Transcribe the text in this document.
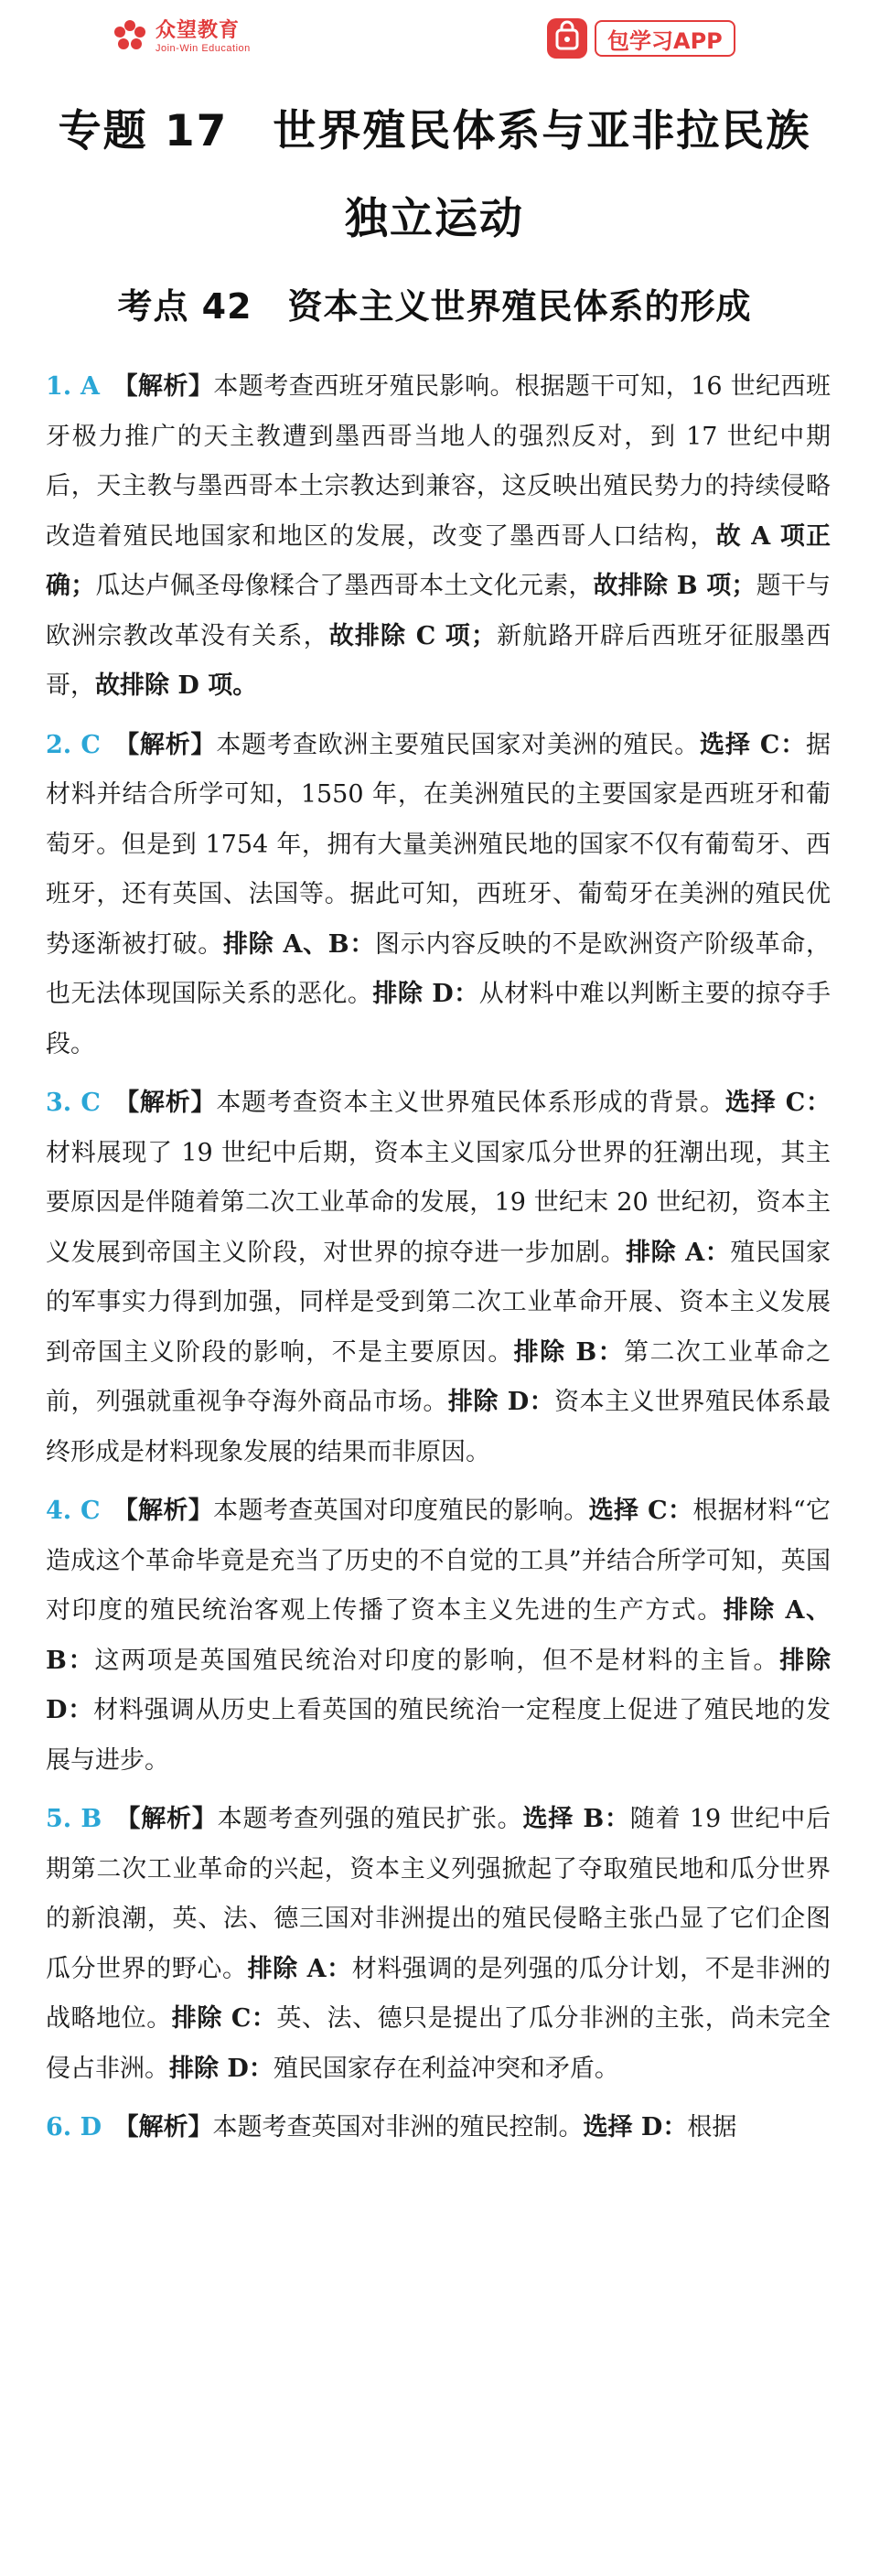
众望教育
Join-Win Education	包学习APP
专题 17　世界殖民体系与亚非拉民族
独立运动
考点 42　资本主义世界殖民体系的形成

1. A　 【解析】本题考查西班牙殖民影响。根据题干可知，16 世纪西班牙极力推广的天主教遭到墨西哥当地人的强烈反对，到 17 世纪中期后，天主教与墨西哥本土宗教达到兼容，这反映出殖民势力的持续侵略改造着殖民地国家和地区的发展，改变了墨西哥人口结构，故 A 项正确；瓜达卢佩圣母像糅合了墨西哥本土文化元素，故排除 B 项；题干与欧洲宗教改革没有关系，故排除 C 项；新航路开辟后西班牙征服墨西哥，故排除 D 项。

2. C　 【解析】本题考查欧洲主要殖民国家对美洲的殖民。选择 C：据材料并结合所学可知，1550 年，在美洲殖民的主要国家是西班牙和葡萄牙。但是到 1754 年，拥有大量美洲殖民地的国家不仅有葡萄牙、西班牙，还有英国、法国等。据此可知，西班牙、葡萄牙在美洲的殖民优势逐渐被打破。排除 A、B：图示内容反映的不是欧洲资产阶级革命，也无法体现国际关系的恶化。排除 D：从材料中难以判断主要的掠夺手段。

3. C　 【解析】本题考查资本主义世界殖民体系形成的背景。选择 C：材料展现了 19 世纪中后期，资本主义国家瓜分世界的狂潮出现，其主要原因是伴随着第二次工业革命的发展，19 世纪末 20 世纪初，资本主义发展到帝国主义阶段，对世界的掠夺进一步加剧。排除 A：殖民国家的军事实力得到加强，同样是受到第二次工业革命开展、资本主义发展到帝国主义阶段的影响，不是主要原因。排除 B：第二次工业革命之前，列强就重视争夺海外商品市场。排除 D：资本主义世界殖民体系最终形成是材料现象发展的结果而非原因。

4. C　 【解析】本题考查英国对印度殖民的影响。选择 C：根据材料“它造成这个革命毕竟是充当了历史的不自觉的工具”并结合所学可知，英国对印度的殖民统治客观上传播了资本主义先进的生产方式。排除 A、B：这两项是英国殖民统治对印度的影响，但不是材料的主旨。排除 D：材料强调从历史上看英国的殖民统治一定程度上促进了殖民地的发展与进步。

5. B　 【解析】本题考查列强的殖民扩张。选择 B：随着 19 世纪中后期第二次工业革命的兴起，资本主义列强掀起了夺取殖民地和瓜分世界的新浪潮，英、法、德三国对非洲提出的殖民侵略主张凸显了它们企图瓜分世界的野心。排除 A：材料强调的是列强的瓜分计划，不是非洲的战略地位。排除 C：英、法、德只是提出了瓜分非洲的主张，尚未完全侵占非洲。排除 D：殖民国家存在利益冲突和矛盾。

6. D　 【解析】本题考查英国对非洲的殖民控制。选择 D：根据
